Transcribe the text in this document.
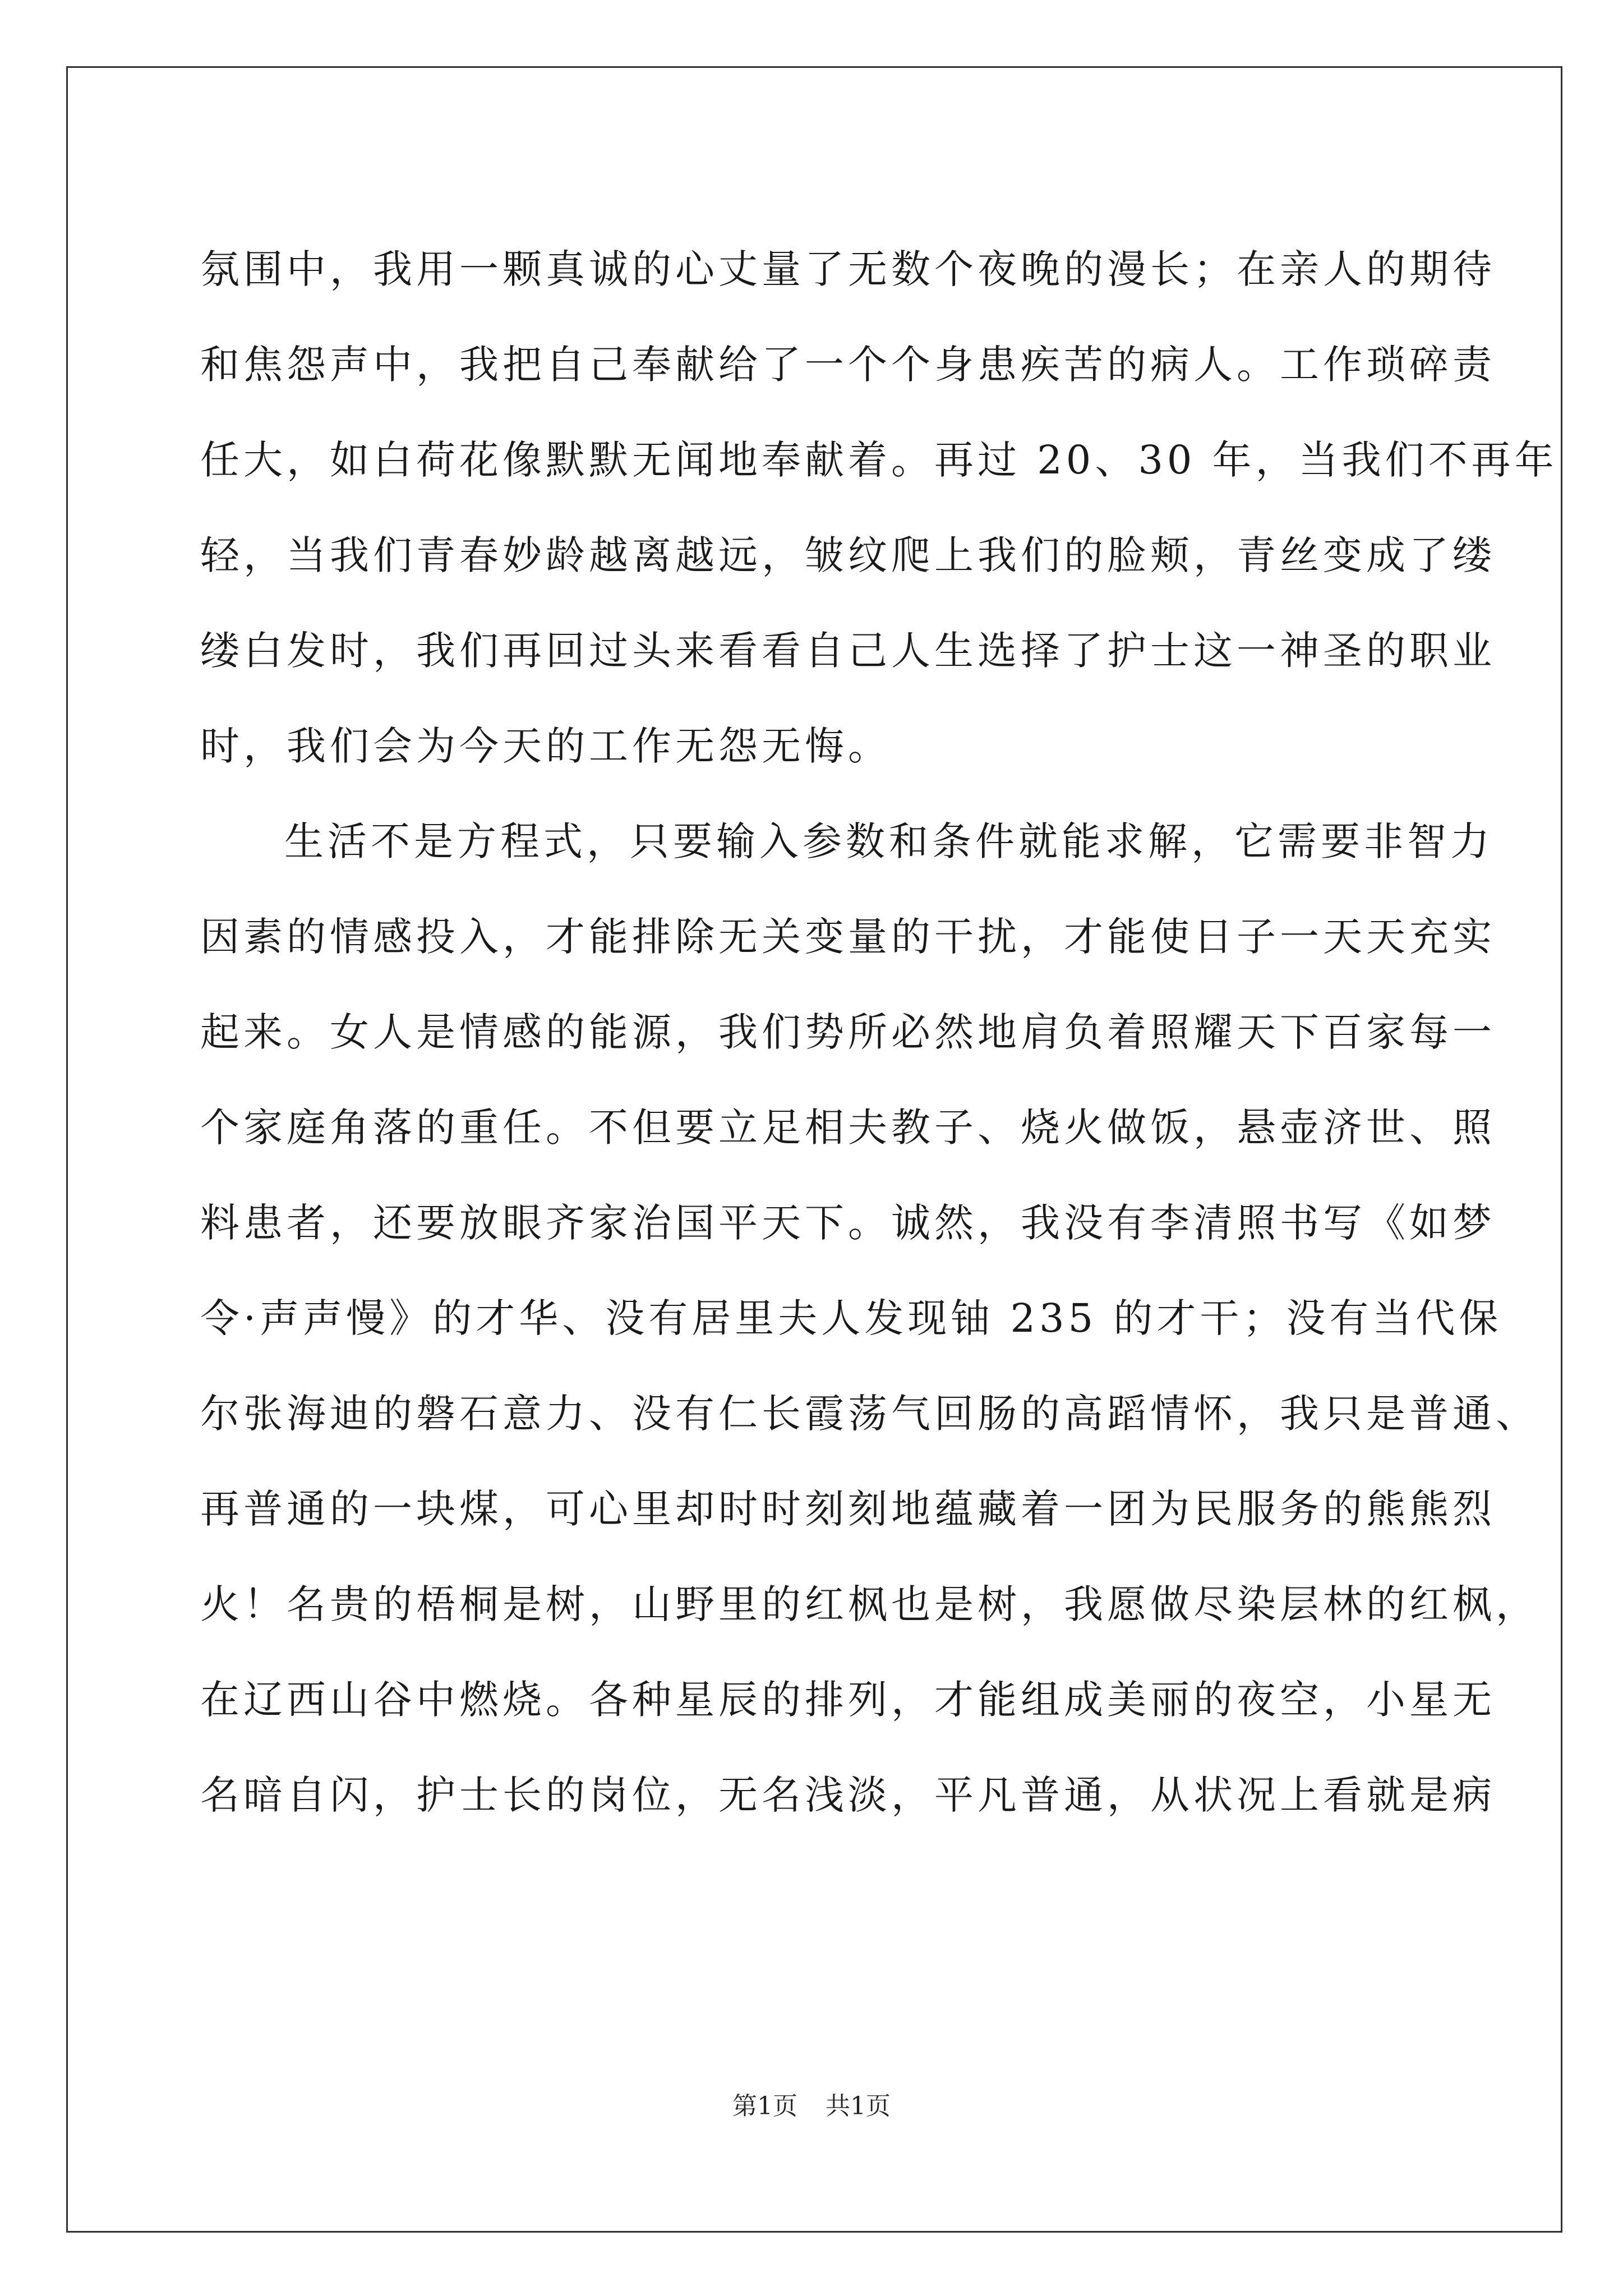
氛围中，我用一颗真诚的心丈量了无数个夜晚的漫长；在亲人的期待
和焦怨声中，我把自己奉献给了一个个身患疾苦的病人。工作琐碎责
任大，如白荷花像默默无闻地奉献着。再过 20、30 年，当我们不再年
轻，当我们青春妙龄越离越远，皱纹爬上我们的脸颊，青丝变成了缕
缕白发时，我们再回过头来看看自己人生选择了护士这一神圣的职业
时，我们会为今天的工作无怨无悔。
生活不是方程式，只要输入参数和条件就能求解，它需要非智力
因素的情感投入，才能排除无关变量的干扰，才能使日子一天天充实
起来。女人是情感的能源，我们势所必然地肩负着照耀天下百家每一
个家庭角落的重任。不但要立足相夫教子、烧火做饭，悬壶济世、照
料患者，还要放眼齐家治国平天下。诚然，我没有李清照书写《如梦
令·声声慢》的才华、没有居里夫人发现铀 235 的才干；没有当代保
尔张海迪的磐石意力、没有仁长霞荡气回肠的高蹈情怀，我只是普通、
再普通的一块煤，可心里却时时刻刻地蕴藏着一团为民服务的熊熊烈
火！名贵的梧桐是树，山野里的红枫也是树，我愿做尽染层林的红枫，
在辽西山谷中燃烧。各种星辰的排列，才能组成美丽的夜空，小星无
名暗自闪，护士长的岗位，无名浅淡，平凡普通，从状况上看就是病
第1页 共1页
